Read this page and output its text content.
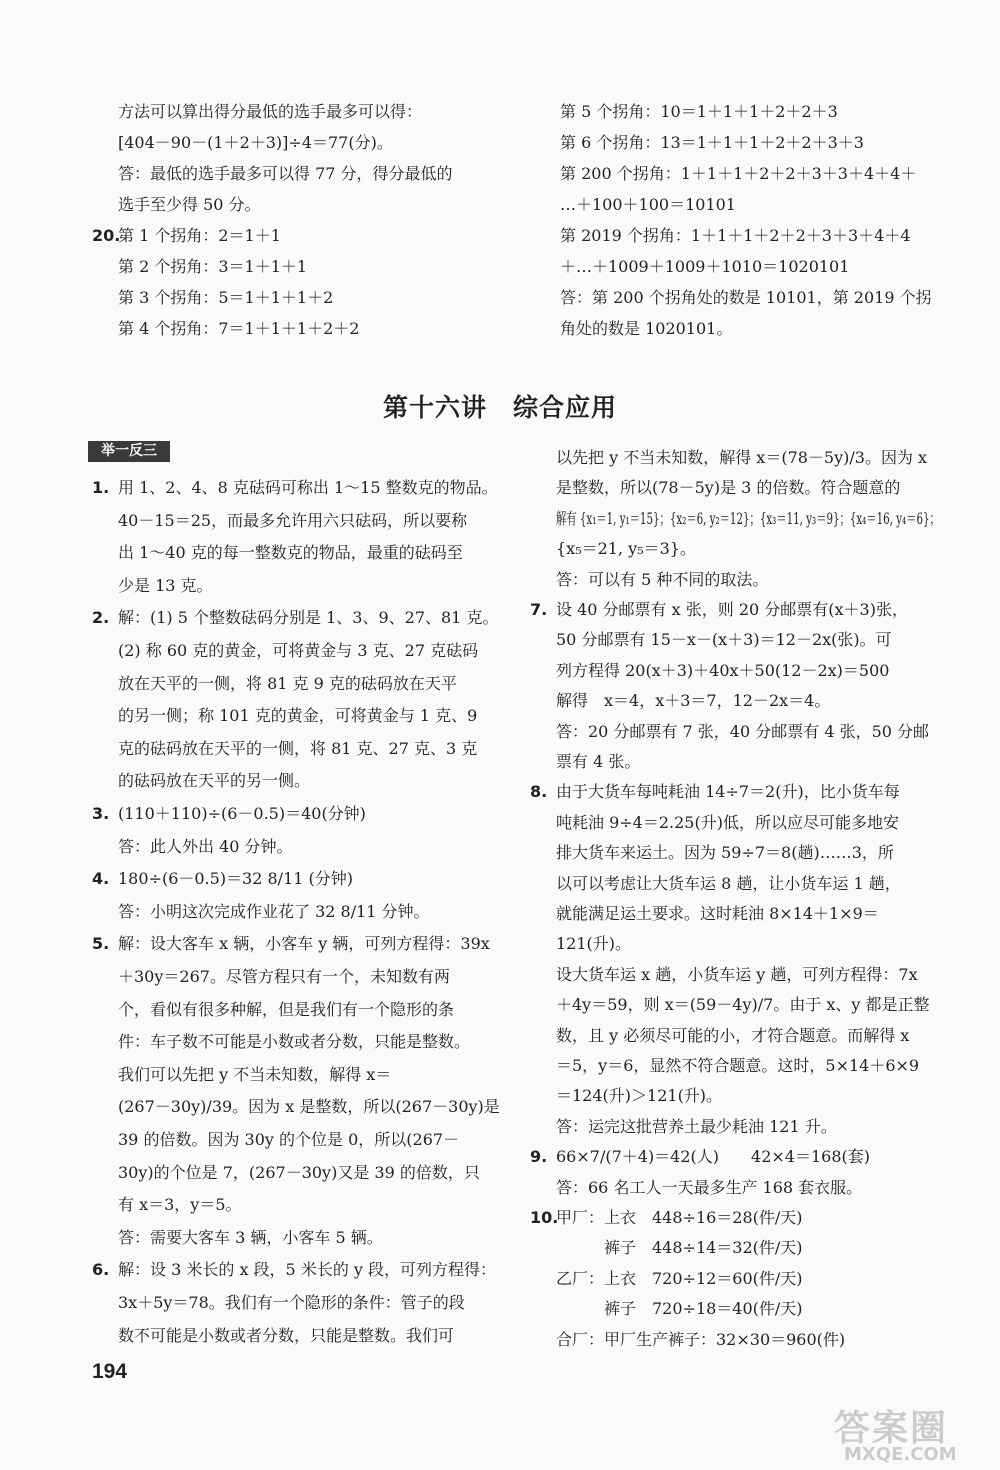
方法可以算出得分最低的选手最多可以得：
[404－90－(1＋2＋3)]÷4＝77(分)。
答：最低的选手最多可以得 77 分，得分最低的
选手至少得 50 分。
20.
第 1 个拐角：2＝1＋1
第 2 个拐角：3＝1＋1＋1
第 3 个拐角：5＝1＋1＋1＋2
第 4 个拐角：7＝1＋1＋1＋2＋2
第 5 个拐角：10＝1＋1＋1＋2＋2＋3
第 6 个拐角：13＝1＋1＋1＋2＋2＋3＋3
第 200 个拐角：1＋1＋1＋2＋2＋3＋3＋4＋4＋
…＋100＋100＝10101
第 2019 个拐角：1＋1＋1＋2＋2＋3＋3＋4＋4
＋…＋1009＋1009＋1010＝1020101
答：第 200 个拐角处的数是 10101，第 2019 个拐
角处的数是 1020101。
第十六讲　综合应用
举一反三
1. 用 1、2、4、8 克砝码可称出 1～15 整数克的物品。
40－15＝25，而最多允许用六只砝码，所以要称
出 1～40 克的每一整数克的物品，最重的砝码至
少是 13 克。
2. 解：(1) 5 个整数砝码分别是 1、3、9、27、81 克。
(2) 称 60 克的黄金，可将黄金与 3 克、27 克砝码
放在天平的一侧，将 81 克 9 克的砝码放在天平
的另一侧；称 101 克的黄金，可将黄金与 1 克、9
克的砝码放在天平的一侧，将 81 克、27 克、3 克
的砝码放在天平的另一侧。
3. (110＋110)÷(6－0.5)＝40(分钟)
答：此人外出 40 分钟。
4. 180÷(6－0.5)＝32 8/11 (分钟)
答：小明这次完成作业花了 32 8/11 分钟。
5. 解：设大客车 x 辆，小客车 y 辆，可列方程得：39x
＋30y＝267。尽管方程只有一个，未知数有两
个，看似有很多种解，但是我们有一个隐形的条
件：车子数不可能是小数或者分数，只能是整数。
我们可以先把 y 不当未知数，解得 x＝
(267－30y)/39。因为 x 是整数，所以(267－30y)是
39 的倍数。因为 30y 的个位是 0，所以(267－
30y)的个位是 7，(267－30y)又是 39 的倍数，只
有 x＝3，y＝5。
答：需要大客车 3 辆，小客车 5 辆。
6. 解：设 3 米长的 x 段，5 米长的 y 段，可列方程得：
3x＋5y＝78。我们有一个隐形的条件：管子的段
数不可能是小数或者分数，只能是整数。我们可
以先把 y 不当未知数，解得 x＝(78－5y)/3。因为 x
是整数，所以(78－5y)是 3 的倍数。符合题意的
解有 {x₁＝1, y₁＝15}；{x₂＝6, y₂＝12}；{x₃＝11, y₃＝9}；{x₄＝16, y₄＝6}；
{x₅＝21, y₅＝3}。
答：可以有 5 种不同的取法。
7. 设 40 分邮票有 x 张，则 20 分邮票有(x＋3)张，
50 分邮票有 15－x－(x＋3)＝12－2x(张)。可
列方程得 20(x＋3)＋40x＋50(12－2x)＝500
解得　x＝4，x＋3＝7，12－2x＝4。
答：20 分邮票有 7 张，40 分邮票有 4 张，50 分邮
票有 4 张。
8. 由于大货车每吨耗油 14÷7＝2(升)，比小货车每
吨耗油 9÷4＝2.25(升)低，所以应尽可能多地安
排大货车来运土。因为 59÷7＝8(趟)……3，所
以可以考虑让大货车运 8 趟，让小货车运 1 趟，
就能满足运土要求。这时耗油 8×14＋1×9＝
121(升)。
设大货车运 x 趟，小货车运 y 趟，可列方程得：7x
＋4y＝59，则 x＝(59－4y)/7。由于 x、y 都是正整
数，且 y 必须尽可能的小，才符合题意。而解得 x
＝5，y＝6，显然不符合题意。这时，5×14＋6×9
＝124(升)＞121(升)。
答：运完这批营养土最少耗油 121 升。
9. 66×7/(7＋4)＝42(人)　　42×4＝168(套)
答：66 名工人一天最多生产 168 套衣服。
10.
甲厂：上衣　448÷16＝28(件/天)
　　　裤子　448÷14＝32(件/天)
乙厂：上衣　720÷12＝60(件/天)
　　　裤子　720÷18＝40(件/天)
合厂：甲厂生产裤子：32×30＝960(件)
194
答案圈
MXQE.COM
